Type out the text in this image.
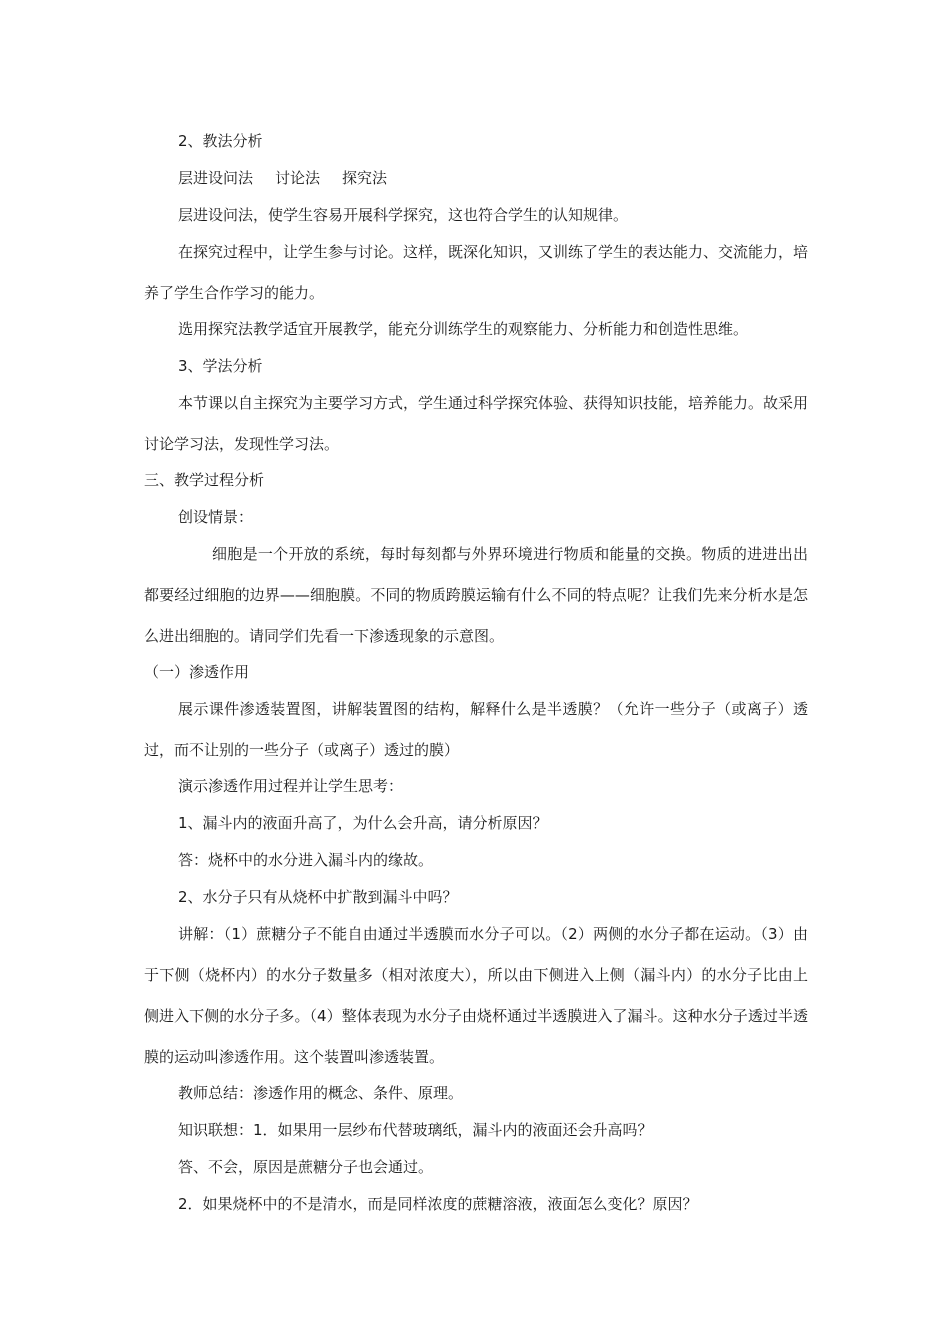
2、教法分析

层进设问法 讨论法 探究法

层进设问法，使学生容易开展科学探究，这也符合学生的认知规律。

在探究过程中，让学生参与讨论。这样，既深化知识，又训练了学生的表达能力、交流能力，培养了学生合作学习的能力。

选用探究法教学适宜开展教学，能充分训练学生的观察能力、分析能力和创造性思维。

3、学法分析

本节课以自主探究为主要学习方式，学生通过科学探究体验、获得知识技能，培养能力。故采用讨论学习法，发现性学习法。

三、教学过程分析

创设情景：

细胞是一个开放的系统，每时每刻都与外界环境进行物质和能量的交换。物质的进进出出都要经过细胞的边界——细胞膜。不同的物质跨膜运输有什么不同的特点呢？让我们先来分析水是怎么进出细胞的。请同学们先看一下渗透现象的示意图。

（一）渗透作用

展示课件渗透装置图，讲解装置图的结构，解释什么是半透膜？（允许一些分子（或离子）透过，而不让别的一些分子（或离子）透过的膜）

演示渗透作用过程并让学生思考：

1、漏斗内的液面升高了，为什么会升高，请分析原因？

答：烧杯中的水分进入漏斗内的缘故。

2、水分子只有从烧杯中扩散到漏斗中吗？

讲解：（1）蔗糖分子不能自由通过半透膜而水分子可以。（2）两侧的水分子都在运动。（3）由于下侧（烧杯内）的水分子数量多（相对浓度大），所以由下侧进入上侧（漏斗内）的水分子比由上侧进入下侧的水分子多。（4）整体表现为水分子由烧杯通过半透膜进入了漏斗。这种水分子透过半透膜的运动叫渗透作用。这个装置叫渗透装置。

教师总结：渗透作用的概念、条件、原理。

知识联想：1．如果用一层纱布代替玻璃纸，漏斗内的液面还会升高吗？

答、不会，原因是蔗糖分子也会通过。

2．如果烧杯中的不是清水，而是同样浓度的蔗糖溶液，液面怎么变化？原因？
